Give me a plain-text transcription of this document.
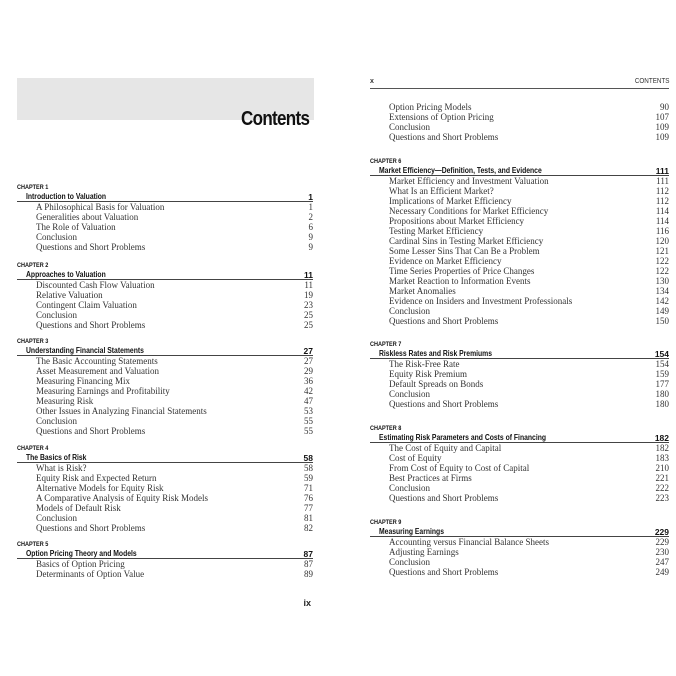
Contents
CHAPTER 1
Introduction to Valuation	1
A Philosophical Basis for Valuation	1
Generalities about Valuation	2
The Role of Valuation	6
Conclusion	9
Questions and Short Problems	9
CHAPTER 2
Approaches to Valuation	11
Discounted Cash Flow Valuation	11
Relative Valuation	19
Contingent Claim Valuation	23
Conclusion	25
Questions and Short Problems	25
CHAPTER 3
Understanding Financial Statements	27
The Basic Accounting Statements	27
Asset Measurement and Valuation	29
Measuring Financing Mix	36
Measuring Earnings and Profitability	42
Measuring Risk	47
Other Issues in Analyzing Financial Statements	53
Conclusion	55
Questions and Short Problems	55
CHAPTER 4
The Basics of Risk	58
What is Risk?	58
Equity Risk and Expected Return	59
Alternative Models for Equity Risk	71
A Comparative Analysis of Equity Risk Models	76
Models of Default Risk	77
Conclusion	81
Questions and Short Problems	82
CHAPTER 5
Option Pricing Theory and Models	87
Basics of Option Pricing	87
Determinants of Option Value	89
ix
x	CONTENTS
Option Pricing Models	90
Extensions of Option Pricing	107
Conclusion	109
Questions and Short Problems	109
CHAPTER 6
Market Efficiency—Definition, Tests, and Evidence	111
Market Efficiency and Investment Valuation	111
What Is an Efficient Market?	112
Implications of Market Efficiency	112
Necessary Conditions for Market Efficiency	114
Propositions about Market Efficiency	114
Testing Market Efficiency	116
Cardinal Sins in Testing Market Efficiency	120
Some Lesser Sins That Can Be a Problem	121
Evidence on Market Efficiency	122
Time Series Properties of Price Changes	122
Market Reaction to Information Events	130
Market Anomalies	134
Evidence on Insiders and Investment Professionals	142
Conclusion	149
Questions and Short Problems	150
CHAPTER 7
Riskless Rates and Risk Premiums	154
The Risk-Free Rate	154
Equity Risk Premium	159
Default Spreads on Bonds	177
Conclusion	180
Questions and Short Problems	180
CHAPTER 8
Estimating Risk Parameters and Costs of Financing	182
The Cost of Equity and Capital	182
Cost of Equity	183
From Cost of Equity to Cost of Capital	210
Best Practices at Firms	221
Conclusion	222
Questions and Short Problems	223
CHAPTER 9
Measuring Earnings	229
Accounting versus Financial Balance Sheets	229
Adjusting Earnings	230
Conclusion	247
Questions and Short Problems	249
